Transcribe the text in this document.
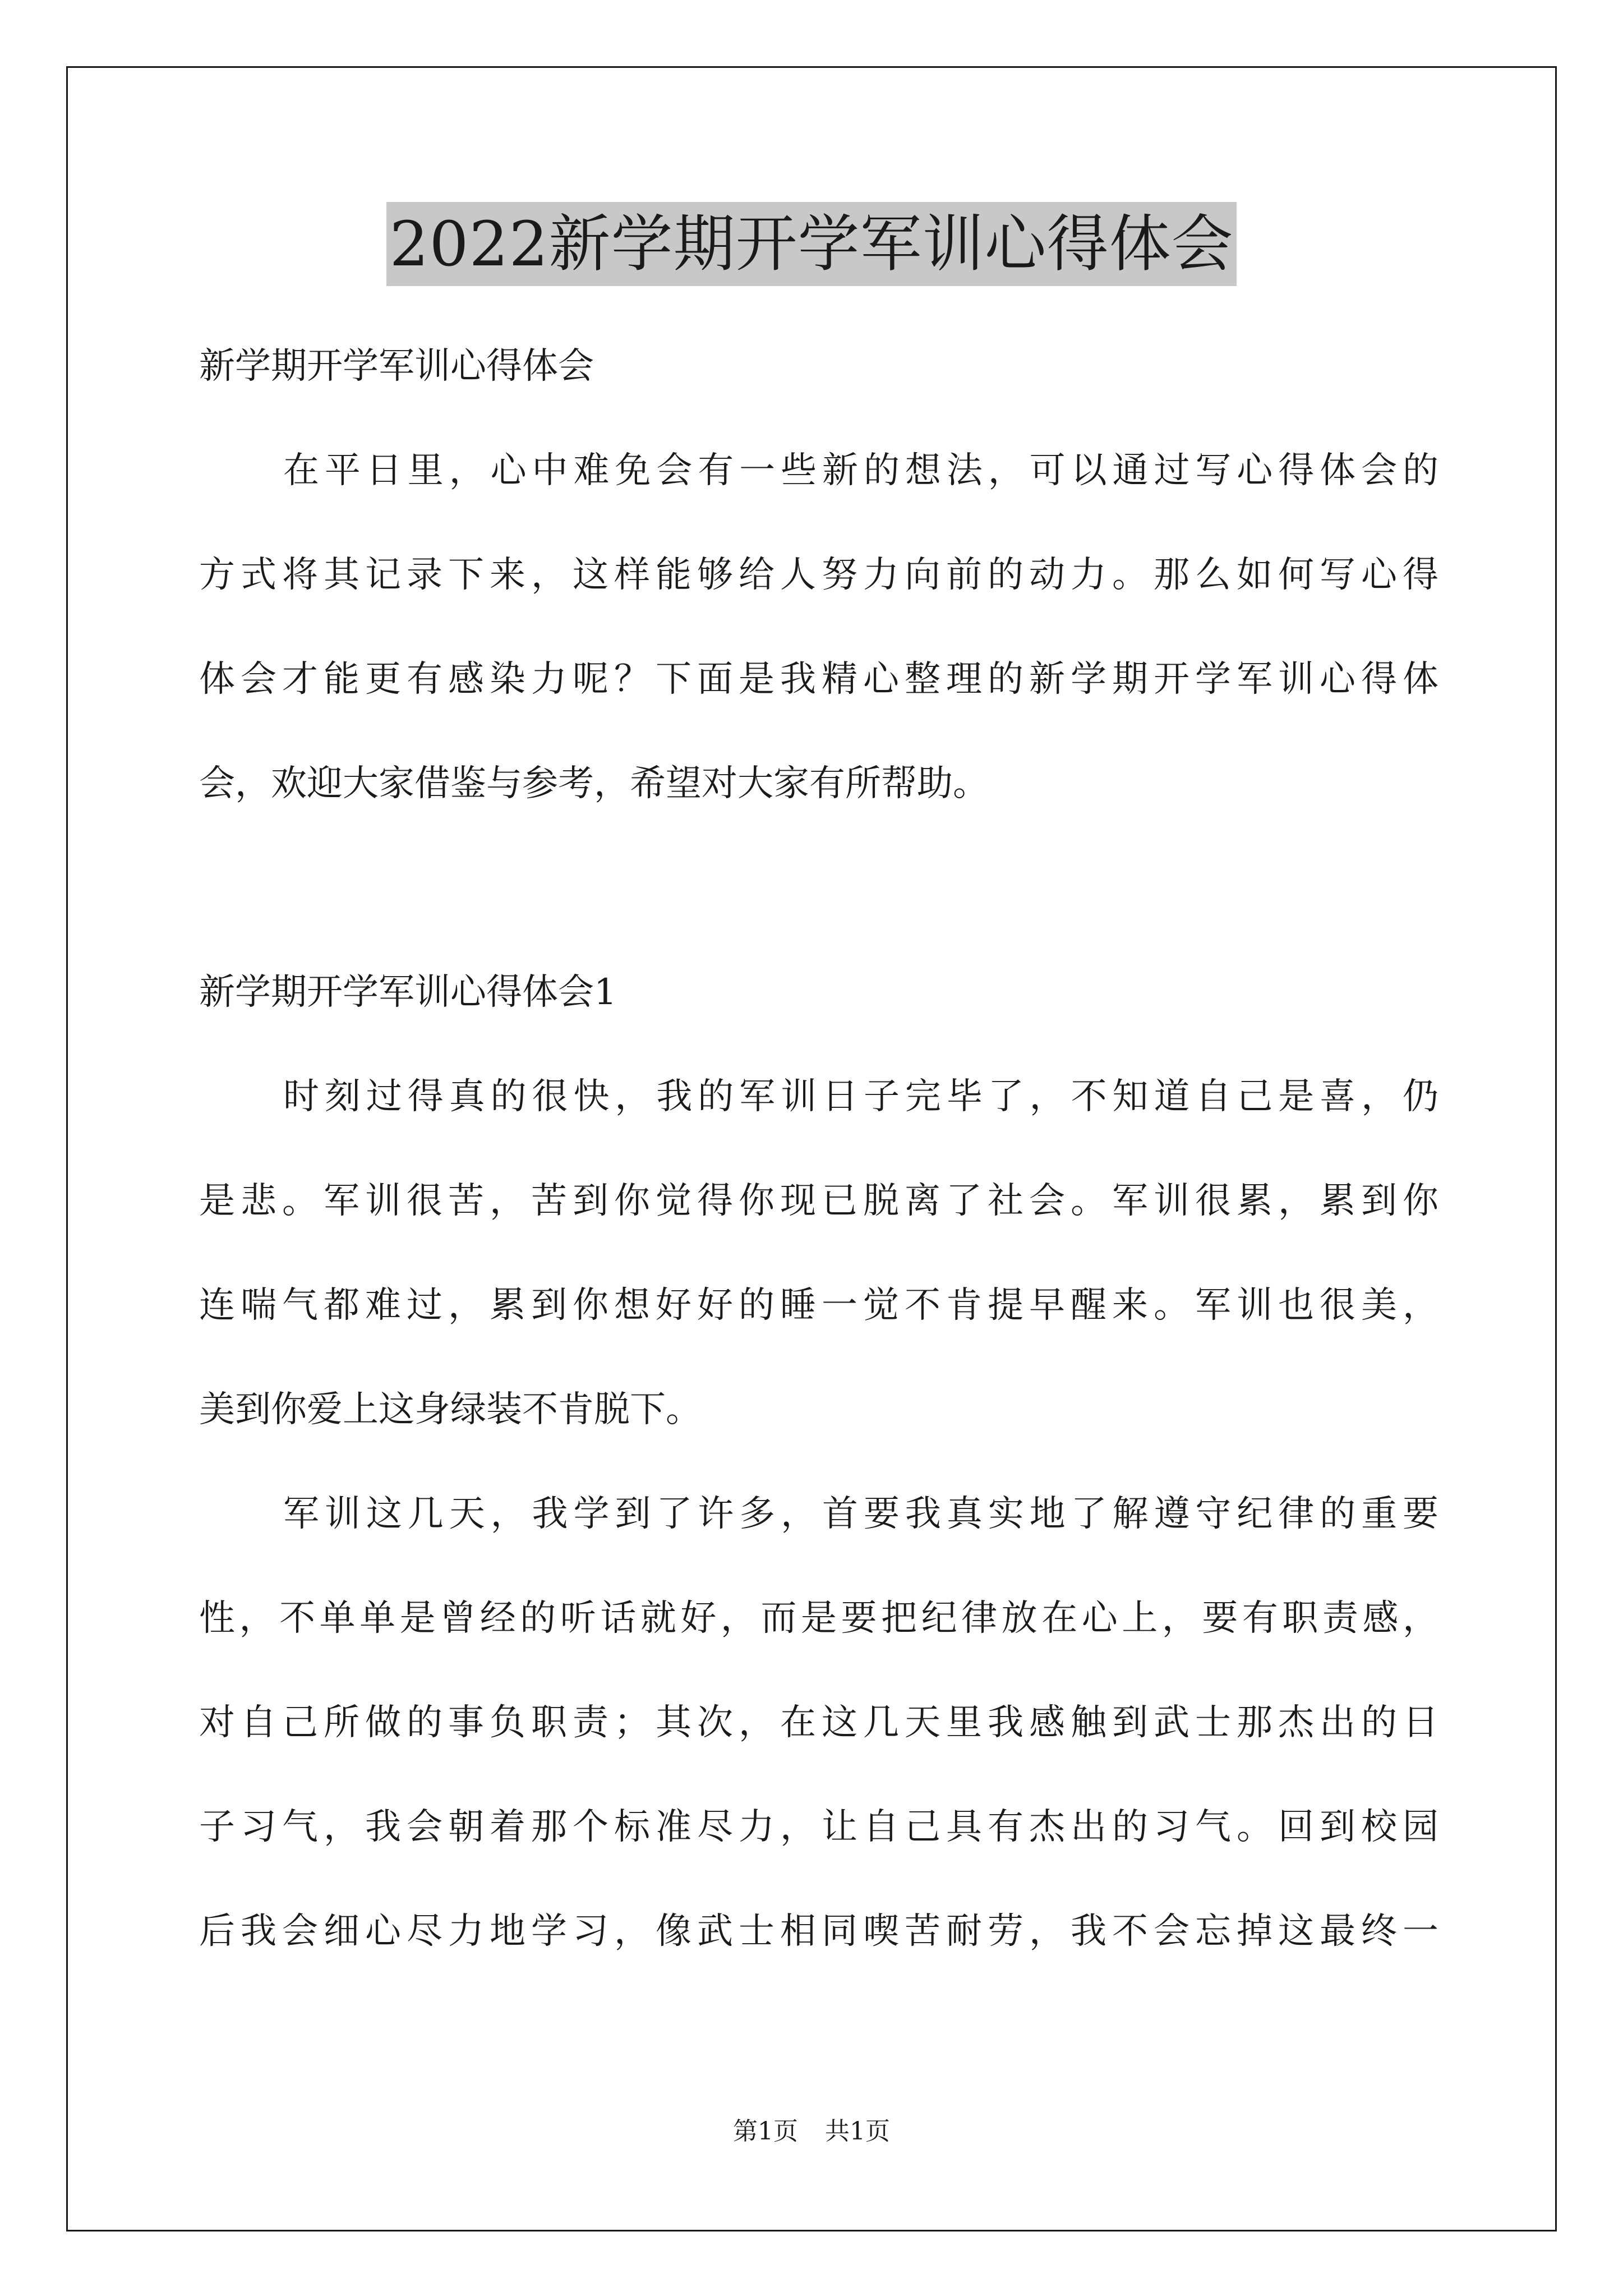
2022新学期开学军训心得体会
新学期开学军训心得体会
在平日里，心中难免会有一些新的想法，可以通过写心得体会的
方式将其记录下来，这样能够给人努力向前的动力。那么如何写心得
体会才能更有感染力呢？下面是我精心整理的新学期开学军训心得体
会，欢迎大家借鉴与参考，希望对大家有所帮助。
新学期开学军训心得体会1
时刻过得真的很快，我的军训日子完毕了，不知道自己是喜，仍
是悲。军训很苦，苦到你觉得你现已脱离了社会。军训很累，累到你
连喘气都难过，累到你想好好的睡一觉不肯提早醒来。军训也很美，
美到你爱上这身绿装不肯脱下。
军训这几天，我学到了许多，首要我真实地了解遵守纪律的重要
性，不单单是曾经的听话就好，而是要把纪律放在心上，要有职责感，
对自己所做的事负职责；其次，在这几天里我感触到武士那杰出的日
子习气，我会朝着那个标准尽力，让自己具有杰出的习气。回到校园
后我会细心尽力地学习，像武士相同喫苦耐劳，我不会忘掉这最终一
第1页 共1页
